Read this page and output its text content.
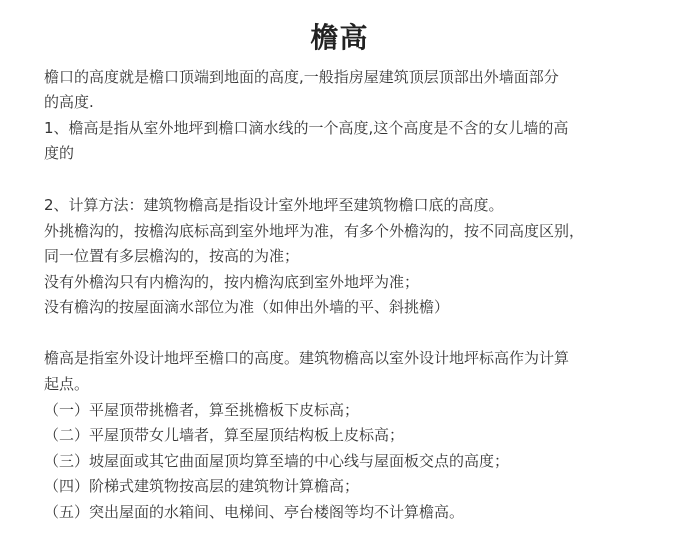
檐高
檐口的高度就是檐口顶端到地面的高度,一般指房屋建筑顶层顶部出外墙面部分
的高度.
1、檐高是指从室外地坪到檐口滴水线的一个高度,这个高度是不含的女儿墙的高
度的
2、计算方法：建筑物檐高是指设计室外地坪至建筑物檐口底的高度。
外挑檐沟的，按檐沟底标高到室外地坪为准，有多个外檐沟的，按不同高度区别，
同一位置有多层檐沟的，按高的为准；
没有外檐沟只有内檐沟的，按内檐沟底到室外地坪为准；
没有檐沟的按屋面滴水部位为准（如伸出外墙的平、斜挑檐）
檐高是指室外设计地坪至檐口的高度。建筑物檐高以室外设计地坪标高作为计算
起点。
（一）平屋顶带挑檐者，算至挑檐板下皮标高；
（二）平屋顶带女儿墙者，算至屋顶结构板上皮标高；
（三）坡屋面或其它曲面屋顶均算至墙的中心线与屋面板交点的高度；
（四）阶梯式建筑物按高层的建筑物计算檐高；
（五）突出屋面的水箱间、电梯间、亭台楼阁等均不计算檐高。
